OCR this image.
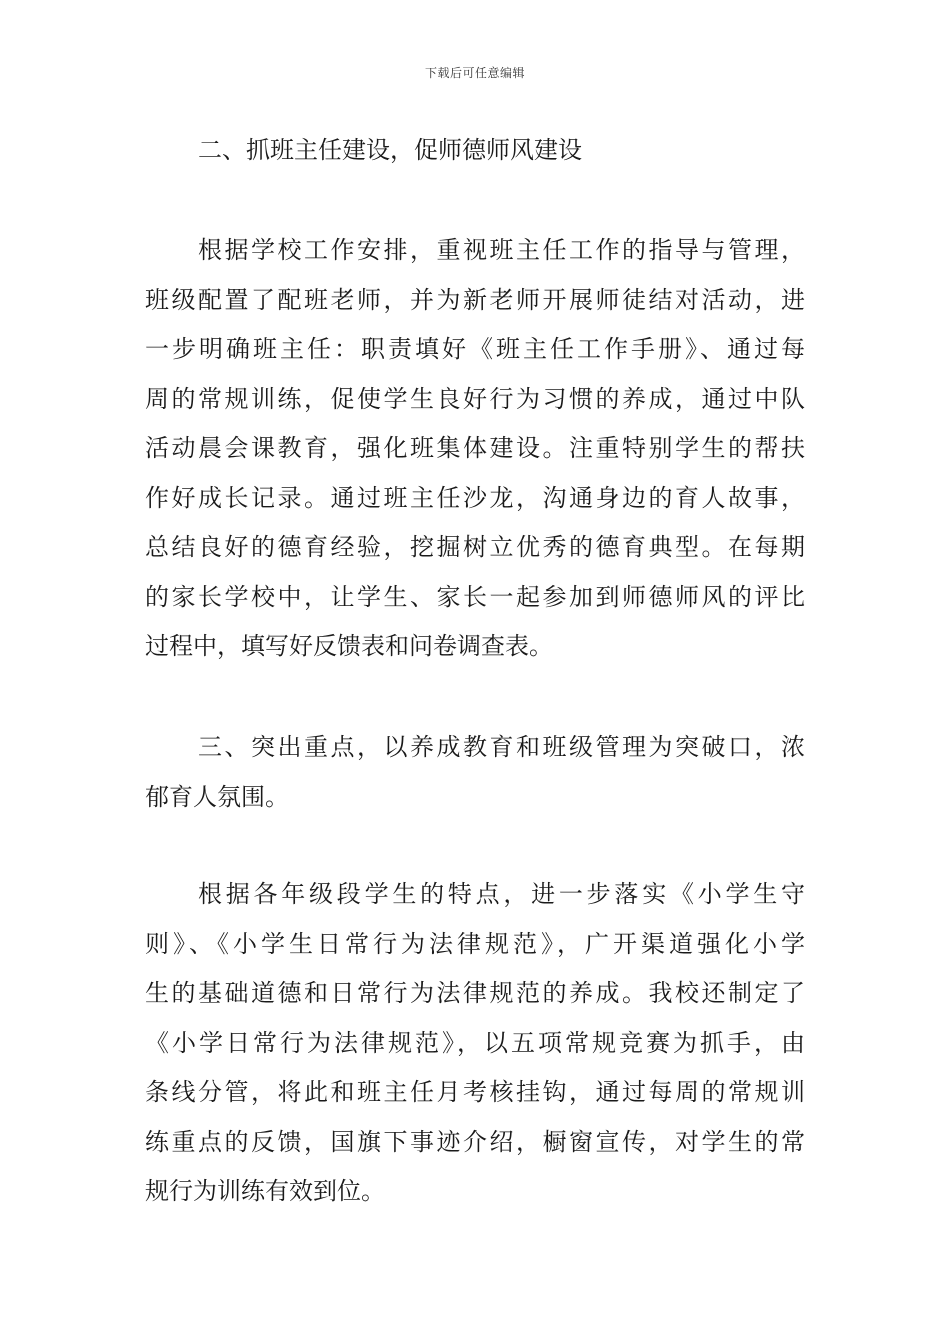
下载后可任意编辑
二、抓班主任建设，促师德师风建设
根据学校工作安排，重视班主任工作的指导与管理，
班级配置了配班老师，并为新老师开展师徒结对活动，进
一步明确班主任：职责填好《班主任工作手册》、通过每
周的常规训练，促使学生良好行为习惯的养成，通过中队
活动晨会课教育，强化班集体建设。注重特别学生的帮扶
作好成长记录。通过班主任沙龙，沟通身边的育人故事，
总结良好的德育经验，挖掘树立优秀的德育典型。在每期
的家长学校中，让学生、家长一起参加到师德师风的评比
过程中，填写好反馈表和问卷调查表。
三、突出重点，以养成教育和班级管理为突破口，浓
郁育人氛围。
根据各年级段学生的特点，进一步落实《小学生守
则》、《小学生日常行为法律规范》，广开渠道强化小学
生的基础道德和日常行为法律规范的养成。我校还制定了
《小学日常行为法律规范》，以五项常规竞赛为抓手，由
条线分管，将此和班主任月考核挂钩，通过每周的常规训
练重点的反馈，国旗下事迹介绍，橱窗宣传，对学生的常
规行为训练有效到位。
